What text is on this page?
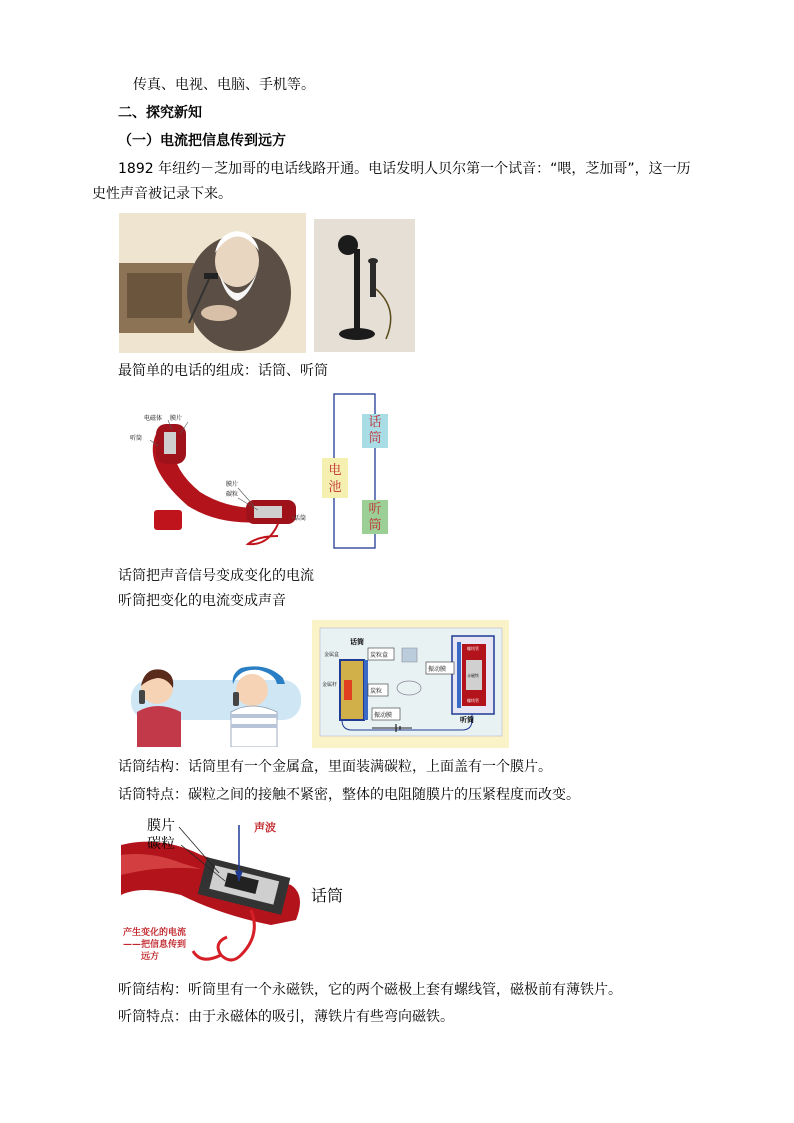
传真、电视、电脑、手机等。
二、探究新知
（一）电流把信息传到远方
1892 年纽约－芝加哥的电话线路开通。电话发明人贝尔第一个试音：“喂，芝加哥”，这一历
史性声音被记录下来。
最简单的电话的组成：话筒、听筒
电磁体 膜片
听筒
膜片
碳粒
话筒
话
筒
电
池
听
筒
话筒把声音信号变成变化的电流
听筒把变化的电流变成声音
话筒
金属盒	炭粒盒
金属杆
炭粒
振动膜
振动膜
听筒
螺线管
永磁铁
螺线管
话筒结构：话筒里有一个金属盒，里面装满碳粒，上面盖有一个膜片。
话筒特点：碳粒之间的接触不紧密，整体的电阻随膜片的压紧程度而改变。
膜片
碳粒
声波
话筒
产生变化的电流
——把信息传到
远方
听筒结构：听筒里有一个永磁铁，它的两个磁极上套有螺线管，磁极前有薄铁片。
听筒特点：由于永磁体的吸引，薄铁片有些弯向磁铁。
